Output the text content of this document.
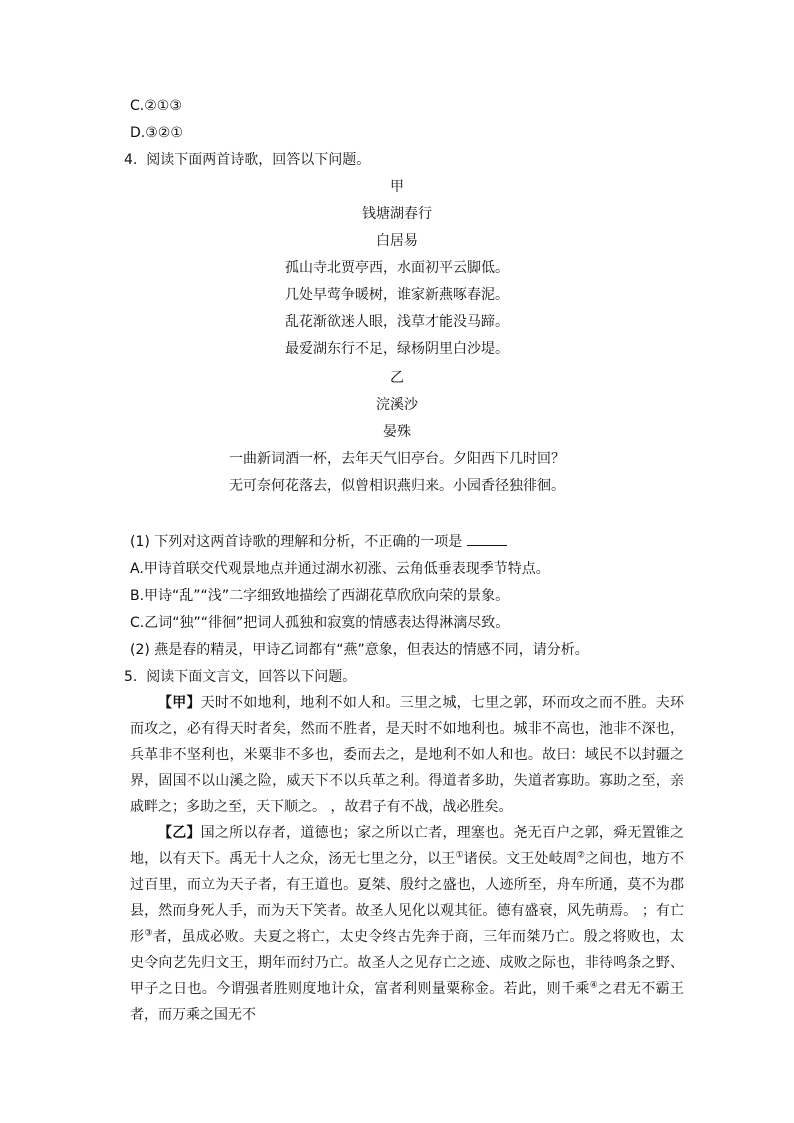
C.②①③
D.③②①
4. 阅读下面两首诗歌，回答以下问题。
甲
钱塘湖春行
白居易
孤山寺北贾亭西，水面初平云脚低。
几处早莺争暖树，谁家新燕啄春泥。
乱花渐欲迷人眼，浅草才能没马蹄。
最爱湖东行不足，绿杨阴里白沙堤。
乙
浣溪沙
晏殊
一曲新词酒一杯，去年天气旧亭台。夕阳西下几时回？
无可奈何花落去，似曾相识燕归来。小园香径独徘徊。
(1) 下列对这两首诗歌的理解和分析，不正确的一项是
A.甲诗首联交代观景地点并通过湖水初涨、云角低垂表现季节特点。
B.甲诗“乱”“浅”二字细致地描绘了西湖花草欣欣向荣的景象。
C.乙词“独”“徘徊”把词人孤独和寂寞的情感表达得淋漓尽致。
(2) 燕是春的精灵，甲诗乙词都有“燕”意象，但表达的情感不同，请分析。
5. 阅读下面文言文，回答以下问题。

【甲】天时不如地利，地利不如人和。三里之城，七里之郭，环而攻之而不胜。夫环而攻之，必有得天时者矣，然而不胜者，是天时不如地利也。城非不高也，池非不深也，兵革非不坚利也，米粟非不多也，委而去之，是地利不如人和也。故曰：域民不以封疆之界，固国不以山溪之险，威天下不以兵革之利。得道者多助，失道者寡助。寡助之至，亲戚畔之；多助之至，天下顺之。 ，故君子有不战，战必胜矣。

【乙】国之所以存者，道德也；家之所以亡者，理塞也。尧无百户之郭，舜无置锥之地，以有天下。禹无十人之众，汤无七里之分，以王①诸侯。文王处岐周②之间也，地方不过百里，而立为天子者，有王道也。夏桀、殷纣之盛也，人迹所至，舟车所通，莫不为郡县，然而身死人手，而为天下笑者。故圣人见化以观其征。德有盛衰，风先萌焉。 ；有亡形③者，虽成必败。夫夏之将亡，太史令终古先奔于商，三年而桀乃亡。殷之将败也，太史令向艺先归文王，期年而纣乃亡。故圣人之见存亡之迹、成败之际也，非待鸣条之野、甲子之日也。今谓强者胜则度地计众，富者利则量粟称金。若此，则千乘④之君无不霸王者，而万乘之国无不
